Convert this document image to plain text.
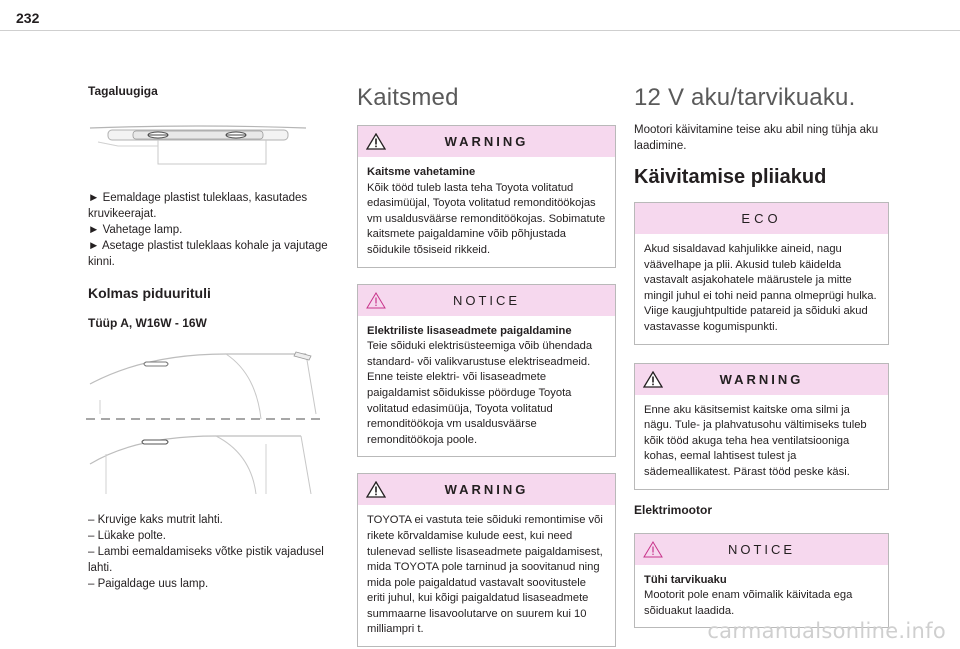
232
Tagaluugiga

► Eemaldage plastist tuleklaas, kasutades kruvikeerajat.

► Vahetage lamp.

► Asetage plastist tuleklaas kohale ja vajutage kinni.

Kolmas piduurituli
Tüüp A, W16W - 16W

– Kruvige kaks mutrit lahti.

– Lükake polte.

– Lambi eemaldamiseks võtke pistik vajadusel lahti.

– Paigaldage uus lamp.

Kaitsmed
WARNING
Kaitsme vahetamine
Kõik tööd tuleb lasta teha Toyota volitatud edasimüüjal, Toyota volitatud remonditöökojas vm usaldusväärse remonditöökojas. Sobimatute kaitsmete paigaldamine võib põhjustada sõidukile tõsiseid rikkeid.
NOTICE
Elektriliste lisaseadmete paigaldamine
Teie sõiduki elektrisüsteemiga võib ühendada standard- või valikvarustuse elektriseadmeid. Enne teiste elektri- või lisaseadmete paigaldamist sõidukisse pöörduge Toyota volitatud edasimüüja, Toyota volitatud remonditöökoja vm usaldusväärse remonditöökoja poole.
WARNING
TOYOTA ei vastuta teie sõiduki remontimise või rikete kõrvaldamise kulude eest, kui need tulenevad selliste lisaseadmete paigaldamisest, mida TOYOTA pole tarninud ja soovitanud ning mida pole paigaldatud vastavalt soovitustele eriti juhul, kui kõigi paigaldatud lisaseadmete summaarne lisavoolutarve on suurem kui 10 milliampri t.
12 V aku/tarvikuaku.

Mootori käivitamine teise aku abil ning tühja aku laadimine.

Käivitamise pliiakud
ECO
Akud sisaldavad kahjulikke aineid, nagu väävelhape ja plii. Akusid tuleb käidelda vastavalt asjakohatele määrustele ja mitte mingil juhul ei tohi neid panna olmeprügi hulka. Viige kaugjuhtpultide patareid ja sõiduki akud vastavasse kogumispunkti.
WARNING
Enne aku käsitsemist kaitske oma silmi ja nägu. Tule- ja plahvatusohu vältimiseks tuleb kõik tööd akuga teha hea ventilatsiooniga kohas, eemal lahtisest tulest ja sädemeallikatest. Pärast tööd peske käsi.
Elektrimootor
NOTICE
Tühi tarvikuaku
Mootorit pole enam võimalik käivitada ega sõiduakut laadida.
carmanualsonline.info
